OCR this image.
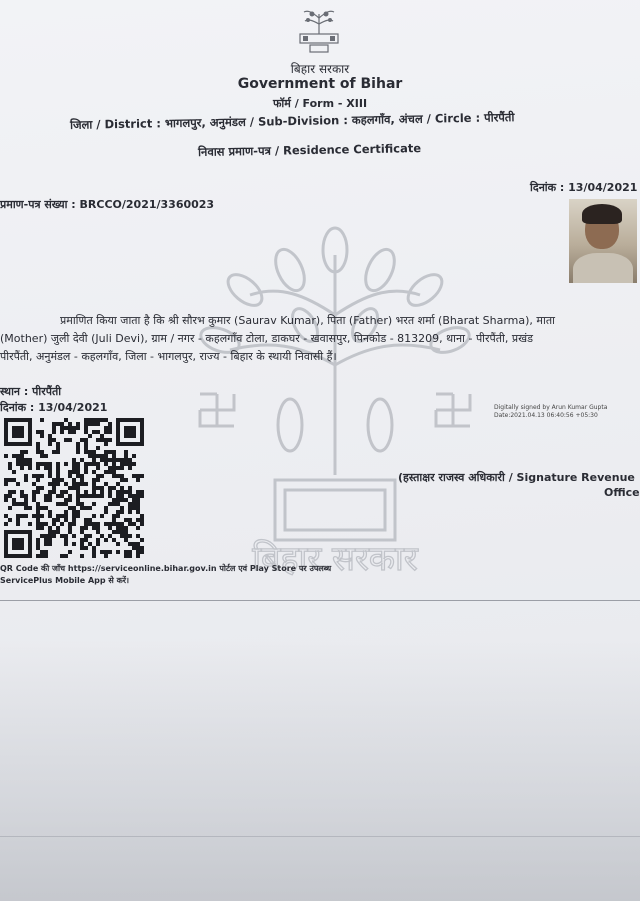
बिहार सरकार
Government of Bihar
फॉर्म / Form - XIII
जिला / District : भागलपुर, अनुमंडल / Sub-Division : कहलगाँव, अंचल / Circle : पीरपैंती
निवास प्रमाण-पत्र / Residence Certificate
दिनांक : 13/04/2021
प्रमाण-पत्र संख्या : BRCCO/2021/3360023
बिहार सरकार
प्रमाणित किया जाता है कि श्री सौरभ कुमार (Saurav Kumar), पिता (Father) भरत शर्मा (Bharat Sharma), माता
(Mother) जुली देवी (Juli Devi), ग्राम / नगर - कहलगाँव टोला, डाकघर - खवासपुर, पिनकोड - 813209, थाना - पीरपैंती, प्रखंड
पीरपैंती, अनुमंडल - कहलगाँव, जिला - भागलपुर, राज्य - बिहार के स्थायी निवासी हैं।
स्थान : पीरपैंती
दिनांक : 13/04/2021	Digitally signed by Arun Kumar Gupta
Date:2021.04.13 06:40:56 +05:30
(हस्ताक्षर राजस्व अधिकारी / Signature Revenue
Office
QR Code की जाँच https://serviceonline.bihar.gov.in पोर्टल एवं Play Store पर उपलब्ध
ServicePlus Mobile App से करें।
